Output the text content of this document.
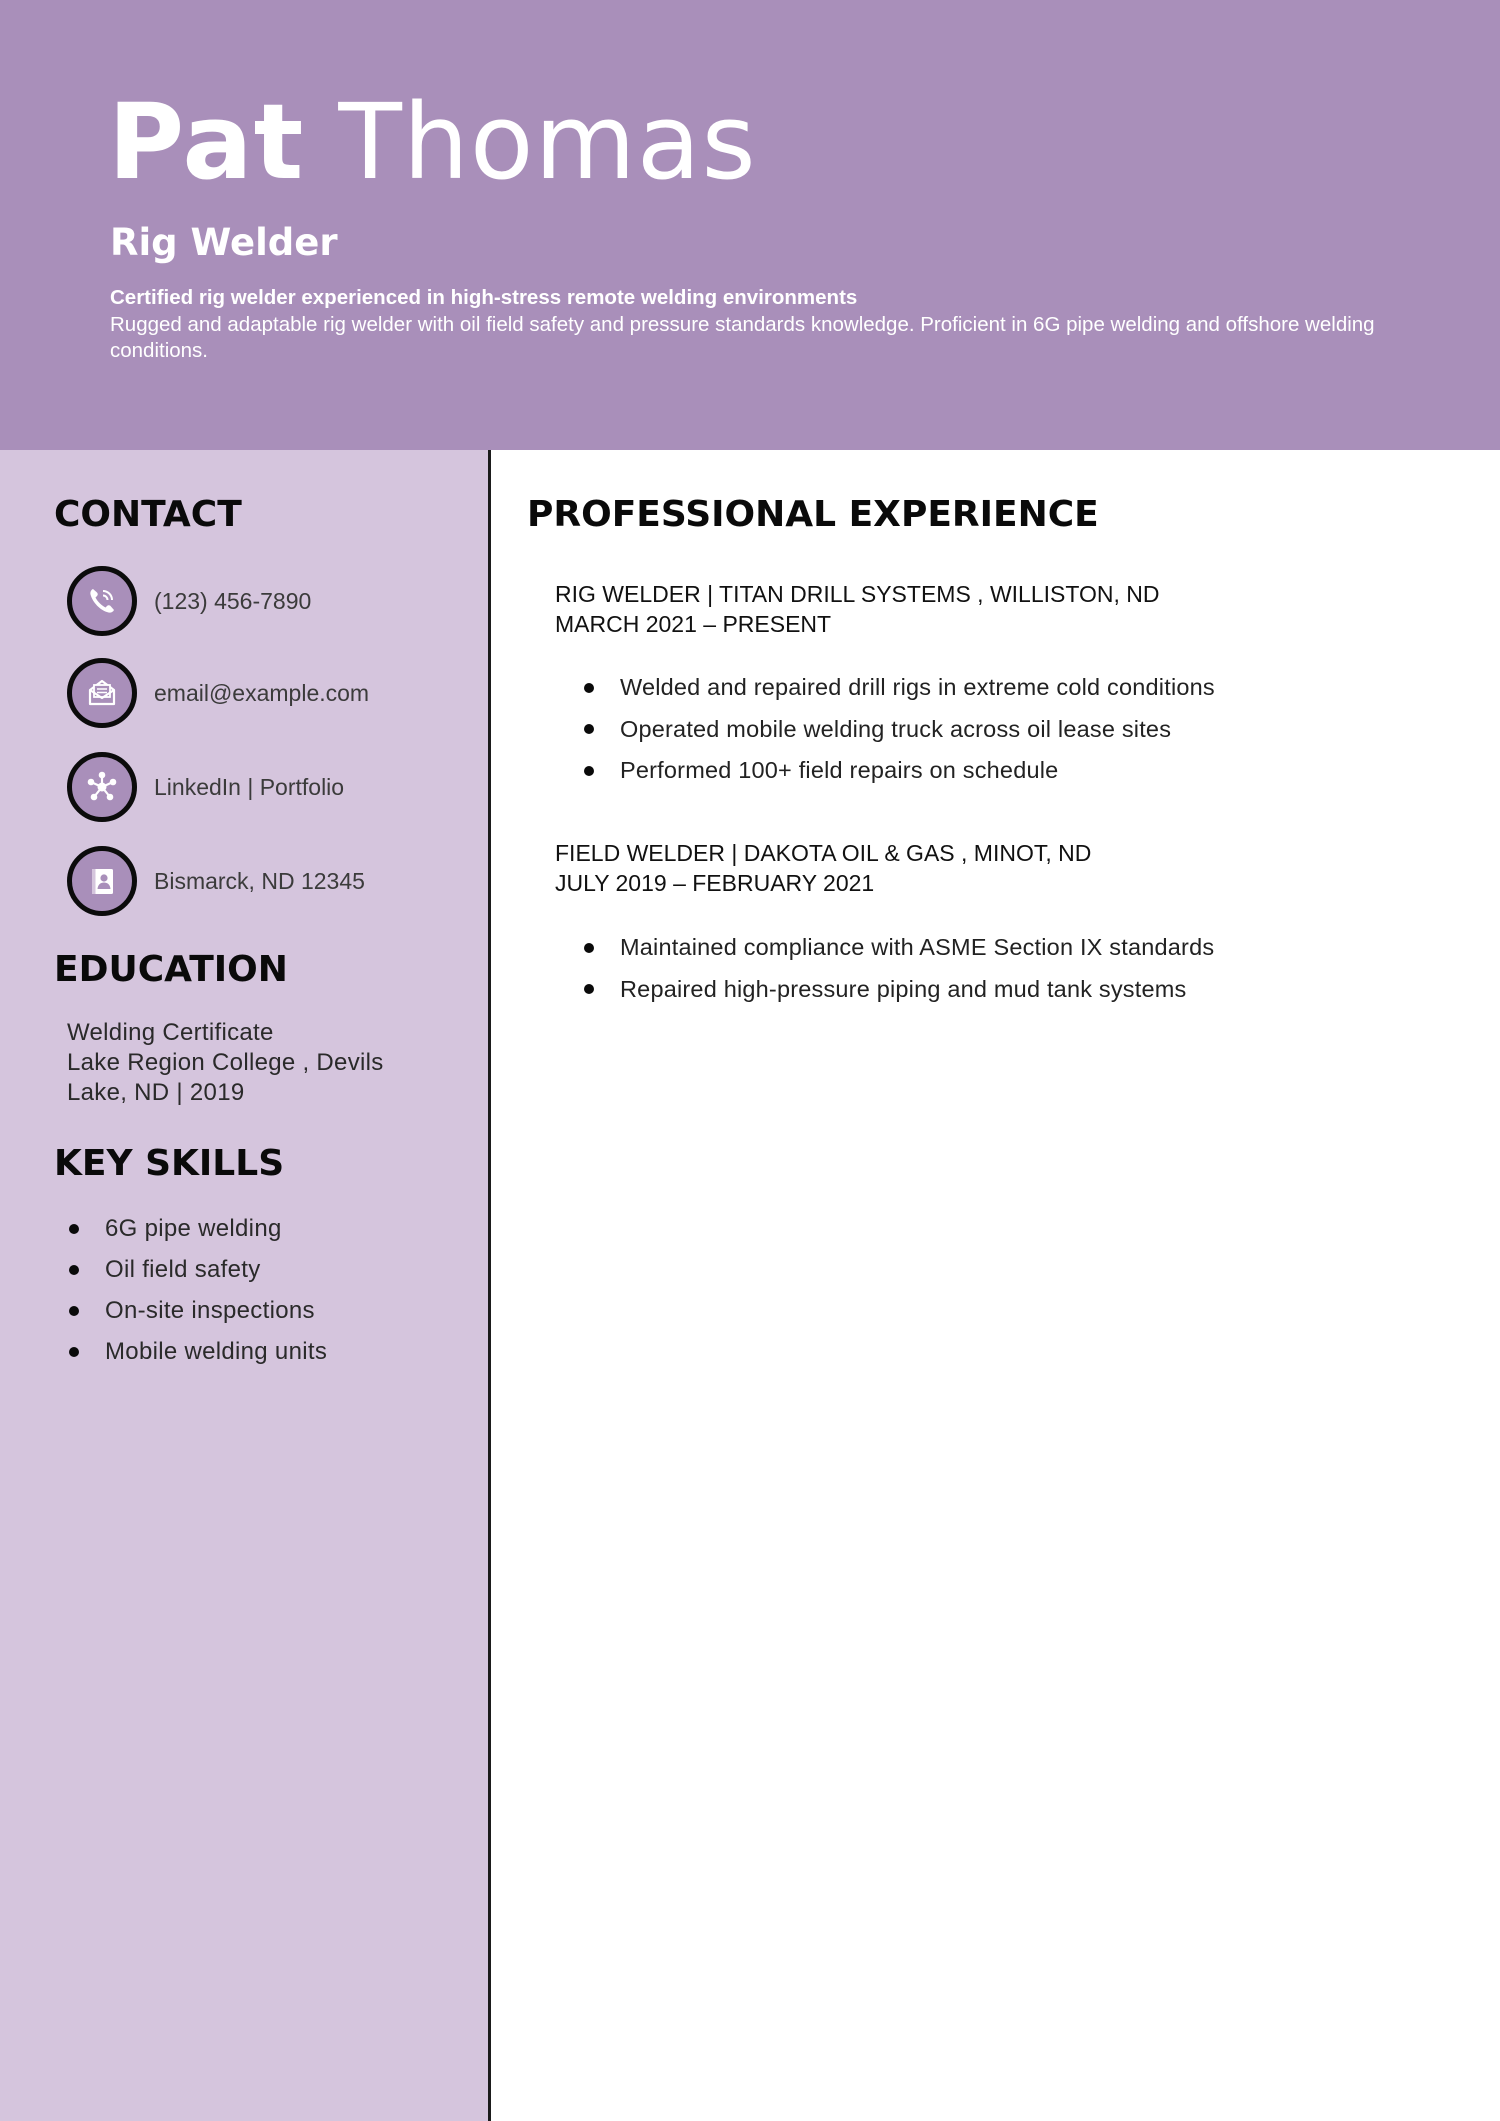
Pat Thomas
Rig Welder
Certified rig welder experienced in high-stress remote welding environments
Rugged and adaptable rig welder with oil field safety and pressure standards knowledge. Proficient in 6G pipe welding and offshore welding conditions.
CONTACT
(123) 456-7890
email@example.com
LinkedIn | Portfolio
Bismarck, ND 12345
EDUCATION
Welding Certificate
Lake Region College , Devils Lake, ND | 2019
KEY SKILLS
6G pipe welding
Oil field safety
On-site inspections
Mobile welding units
PROFESSIONAL EXPERIENCE
RIG WELDER | TITAN DRILL SYSTEMS , WILLISTON, ND
MARCH 2021 – PRESENT
Welded and repaired drill rigs in extreme cold conditions
Operated mobile welding truck across oil lease sites
Performed 100+ field repairs on schedule
FIELD WELDER | DAKOTA OIL & GAS , MINOT, ND
JULY 2019 – FEBRUARY 2021
Maintained compliance with ASME Section IX standards
Repaired high-pressure piping and mud tank systems
